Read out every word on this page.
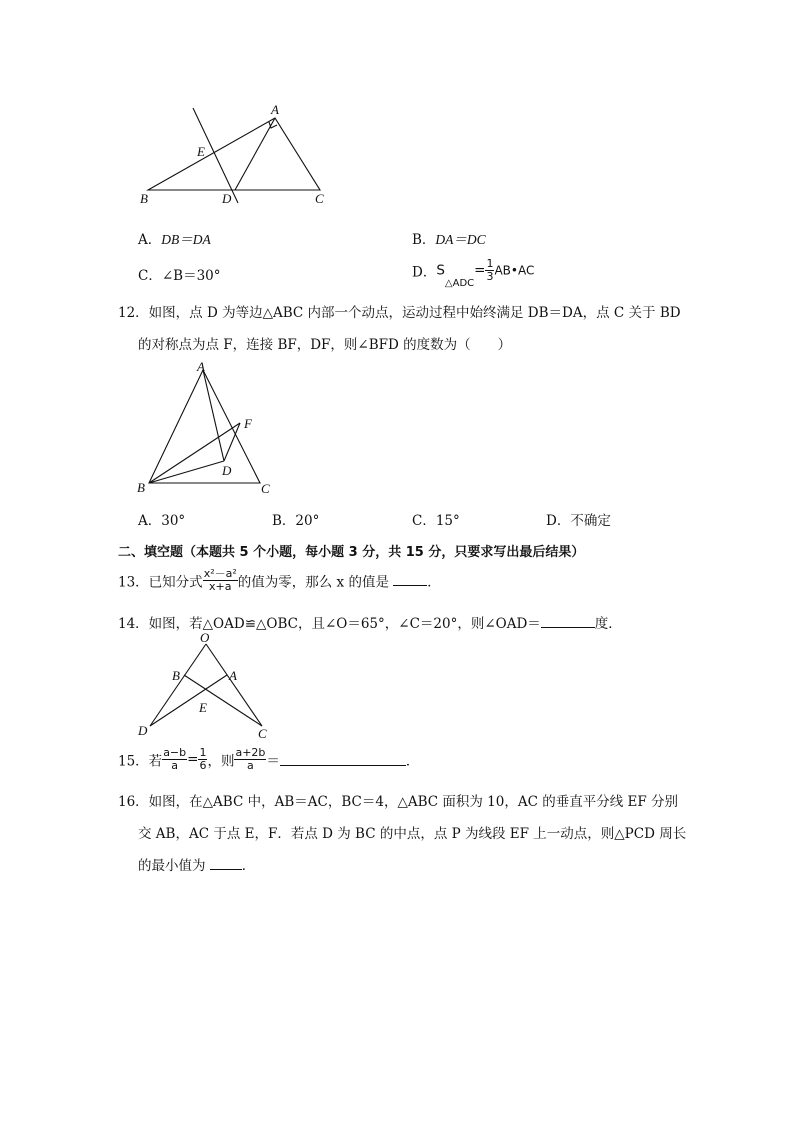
A
B	C
D
E
A．DB＝DA	B．DA＝DC
C．∠B＝30°	D．$S_{\triangle ADC}= \frac{1}{3}$ AB•AC
12．如图，点 D 为等边△ABC 内部一个动点，运动过程中始终满足 DB＝DA，点 C 关于 BD
的对称点为点 F，连接 BF，DF，则∠BFD 的度数为（　　）
A
B	C
D
F
A．30°	B．20°	C．15°	D．不确定
二、填空题（本题共 5 个小题，每小题 3 分，共 15 分，只要求写出最后结果）
13．已知分式 $\frac{\text{x²－a²}}{x+a}$ 的值为零，那么 x 的值是	．
14．如图，若△OAD≌△OBC，且∠O＝65°，∠C＝20°，则∠OAD＝	度．
O
B	A
E
D	C
15．若 $\frac{a-b}{a} = \frac{1}{6}$ ，则 $\frac{a+2b}{a}$ ＝	．
16．如图，在△ABC 中，AB＝AC，BC＝4，△ABC 面积为 10，AC 的垂直平分线 EF 分别
交 AB，AC 于点 E，F．若点 D 为 BC 的中点，点 P 为线段 EF 上一动点，则△PCD 周长
的最小值为	．
